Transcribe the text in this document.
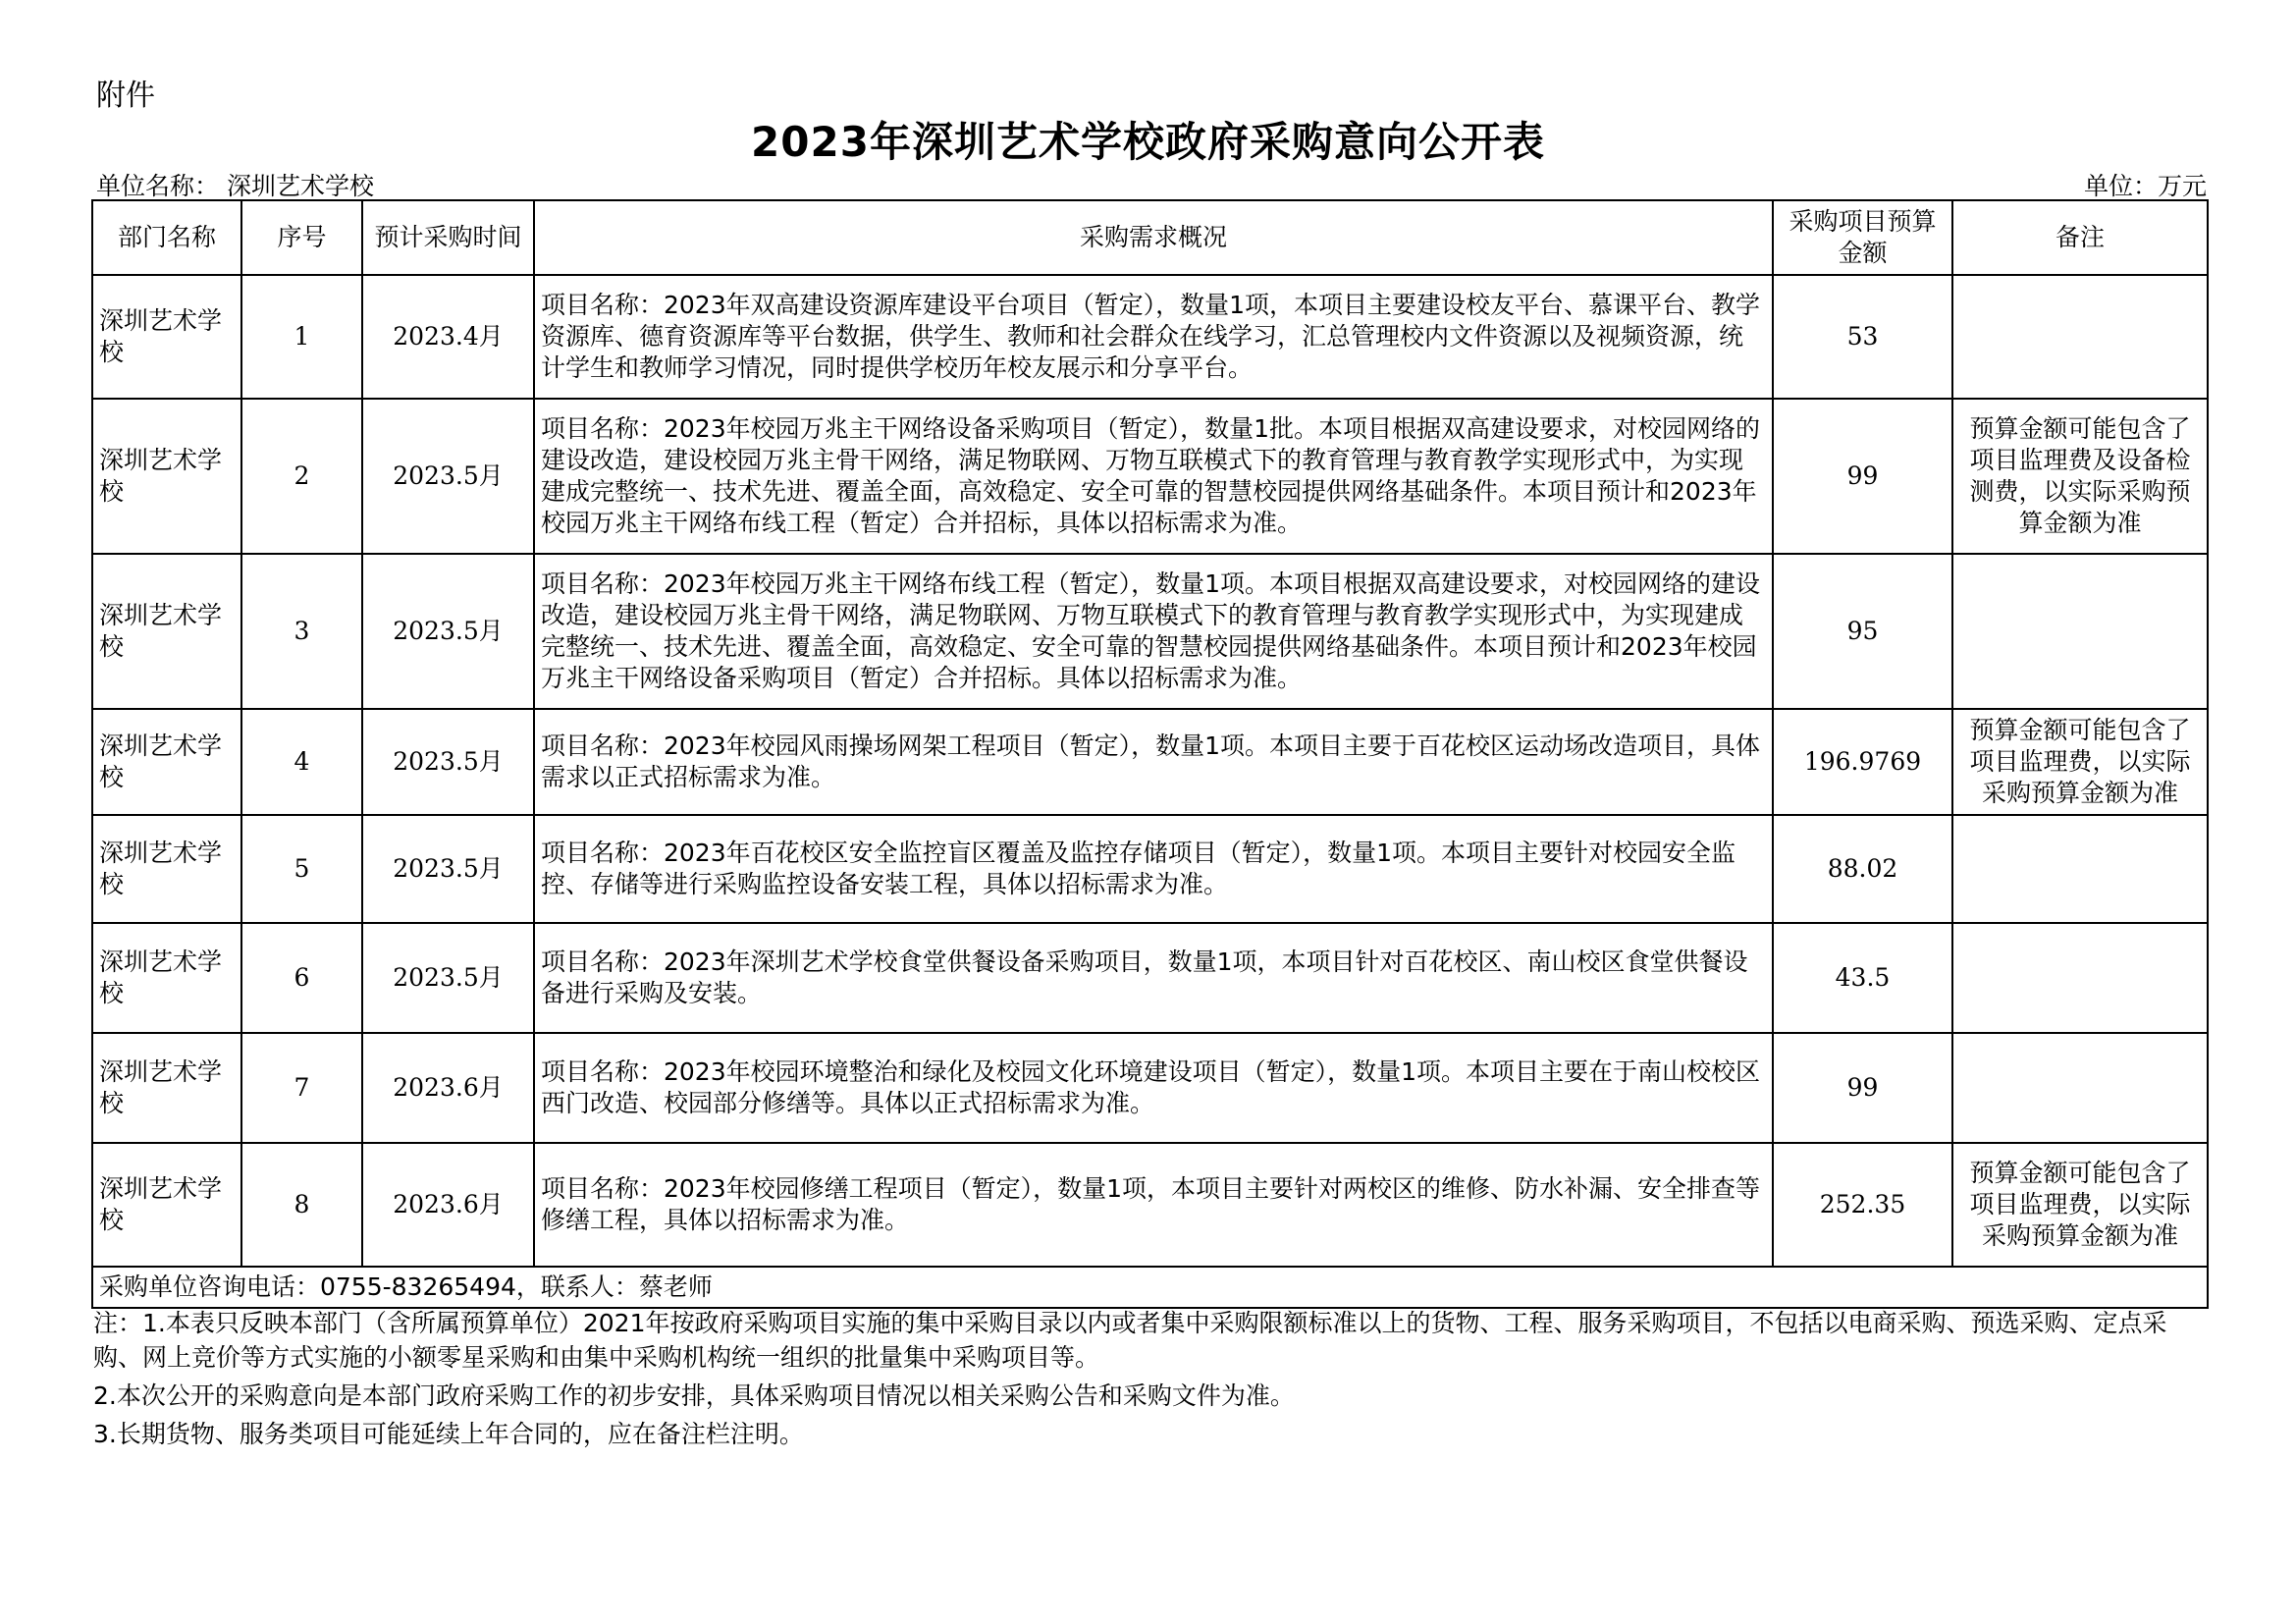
附件
2023年深圳艺术学校政府采购意向公开表
单位名称： 深圳艺术学校	单位：万元
部门名称	序号	预计采购时间	采购需求概况	采购项目预算金额	备注
深圳艺术学校	1	2023.4月	项目名称：2023年双高建设资源库建设平台项目（暂定），数量1项，本项目主要建设校友平台、慕课平台、教学资源库、德育资源库等平台数据，供学生、教师和社会群众在线学习，汇总管理校内文件资源以及视频资源，统计学生和教师学习情况，同时提供学校历年校友展示和分享平台。	53	
深圳艺术学校	2	2023.5月	项目名称：2023年校园万兆主干网络设备采购项目（暂定），数量1批。本项目根据双高建设要求，对校园网络的建设改造，建设校园万兆主骨干网络，满足物联网、万物互联模式下的教育管理与教育教学实现形式中，为实现建成完整统一、技术先进、覆盖全面，高效稳定、安全可靠的智慧校园提供网络基础条件。本项目预计和2023年校园万兆主干网络布线工程（暂定）合并招标，具体以招标需求为准。	99	预算金额可能包含了项目监理费及设备检测费，以实际采购预算金额为准
深圳艺术学校	3	2023.5月	项目名称：2023年校园万兆主干网络布线工程（暂定），数量1项。本项目根据双高建设要求，对校园网络的建设改造，建设校园万兆主骨干网络，满足物联网、万物互联模式下的教育管理与教育教学实现形式中，为实现建成完整统一、技术先进、覆盖全面，高效稳定、安全可靠的智慧校园提供网络基础条件。本项目预计和2023年校园万兆主干网络设备采购项目（暂定）合并招标。具体以招标需求为准。	95	
深圳艺术学校	4	2023.5月	项目名称：2023年校园风雨操场网架工程项目（暂定），数量1项。本项目主要于百花校区运动场改造项目，具体需求以正式招标需求为准。	196.9769	预算金额可能包含了项目监理费，以实际采购预算金额为准
深圳艺术学校	5	2023.5月	项目名称：2023年百花校区安全监控盲区覆盖及监控存储项目（暂定），数量1项。本项目主要针对校园安全监控、存储等进行采购监控设备安装工程，具体以招标需求为准。	88.02	
深圳艺术学校	6	2023.5月	项目名称：2023年深圳艺术学校食堂供餐设备采购项目，数量1项，本项目针对百花校区、南山校区食堂供餐设备进行采购及安装。	43.5	
深圳艺术学校	7	2023.6月	项目名称：2023年校园环境整治和绿化及校园文化环境建设项目（暂定），数量1项。本项目主要在于南山校校区西门改造、校园部分修缮等。具体以正式招标需求为准。	99	
深圳艺术学校	8	2023.6月	项目名称：2023年校园修缮工程项目（暂定），数量1项，本项目主要针对两校区的维修、防水补漏、安全排查等修缮工程，具体以招标需求为准。	252.35	预算金额可能包含了项目监理费，以实际采购预算金额为准
采购单位咨询电话：0755-83265494，联系人：蔡老师					

注：1.本表只反映本部门（含所属预算单位）2021年按政府采购项目实施的集中采购目录以内或者集中采购限额标准以上的货物、工程、服务采购项目，不包括以电商采购、预选采购、定点采购、网上竞价等方式实施的小额零星采购和由集中采购机构统一组织的批量集中采购项目等。

2.本次公开的采购意向是本部门政府采购工作的初步安排，具体采购项目情况以相关采购公告和采购文件为准。

3.长期货物、服务类项目可能延续上年合同的，应在备注栏注明。
